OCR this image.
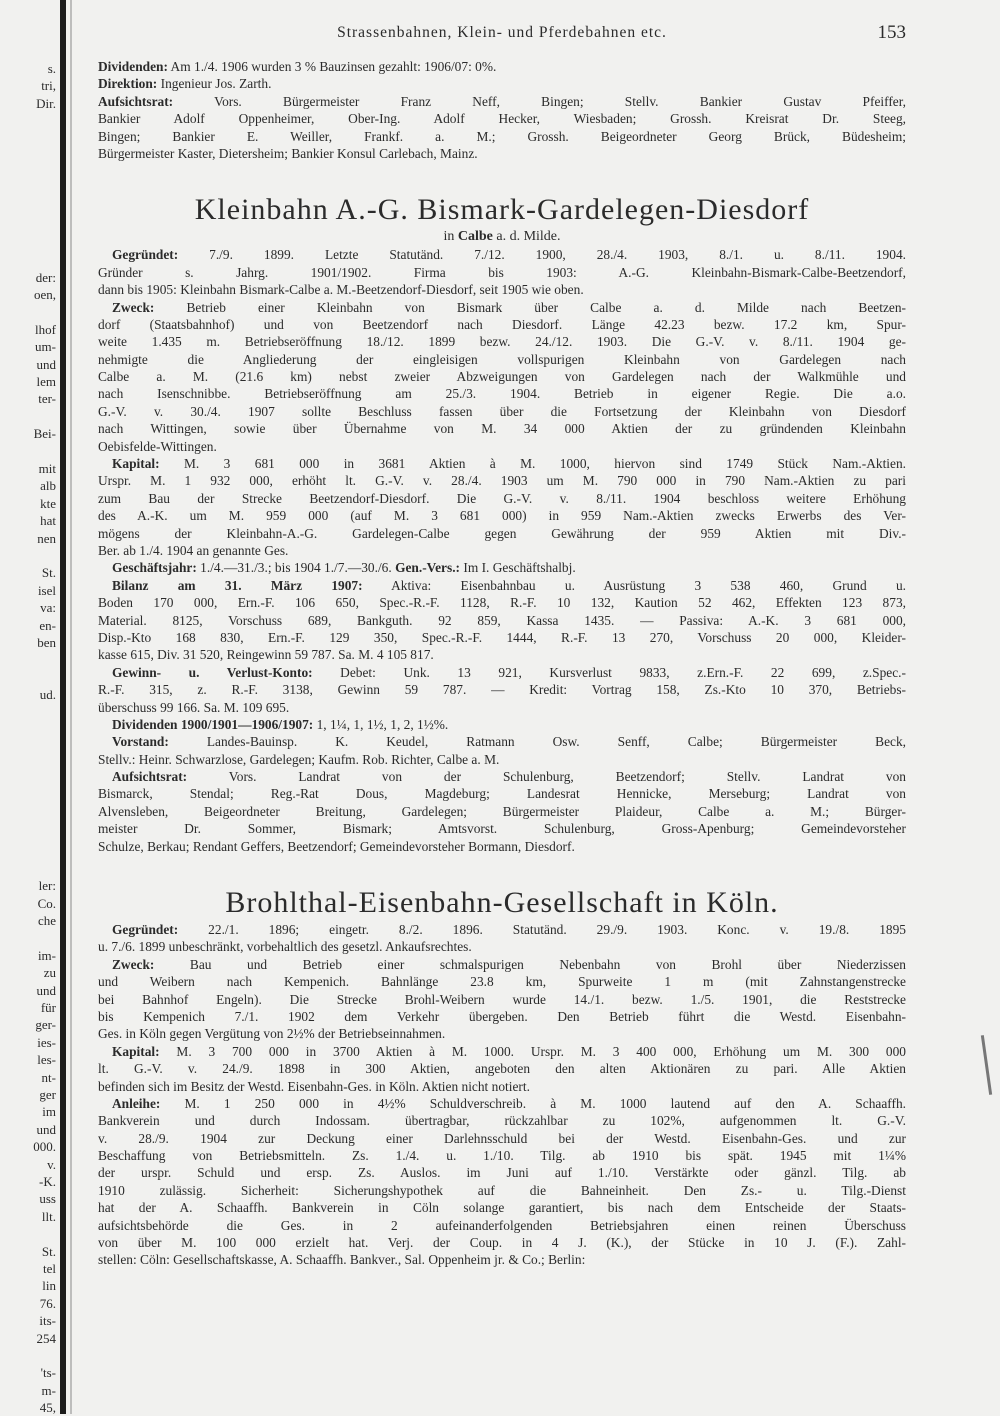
s.
tri,
Dir.
der:
oen,
lhof
um-
und
lem
ter-
Bei-
mit
alb
kte
hat
nen
St.
isel
va:
en-
ben
ud.
ler:
Co.
che
im-
zu
und
für
ger-
ies-
les-
nt-
ger
im
und
000.
v.
-K.
uss
llt.
St.
tel
lin
76.
its-
254
'ts-
m-
45,
Strassenbahnen, Klein- und Pferdebahnen etc.	153
Dividenden: Am 1./4. 1906 wurden 3 % Bauzinsen gezahlt: 1906/07: 0%.
Direktion: Ingenieur Jos. Zarth.
Aufsichtsrat: Vors. Bürgermeister Franz Neff, Bingen; Stellv. Bankier Gustav Pfeiffer,
Bankier Adolf Oppenheimer, Ober-Ing. Adolf Hecker, Wiesbaden; Grossh. Kreisrat Dr. Steeg,
Bingen; Bankier E. Weiller, Frankf. a. M.; Grossh. Beigeordneter Georg Brück, Büdesheim;
Bürgermeister Kaster, Dietersheim; Bankier Konsul Carlebach, Mainz.
Kleinbahn A.-G. Bismark-Gardelegen-Diesdorf
in Calbe a. d. Milde.
Gegründet: 7./9. 1899. Letzte Statutänd. 7./12. 1900, 28./4. 1903, 8./1. u. 8./11. 1904.
Gründer s. Jahrg. 1901/1902. Firma bis 1903: A.-G. Kleinbahn-Bismark-Calbe-Beetzendorf,
dann bis 1905: Kleinbahn Bismark-Calbe a. M.-Beetzendorf-Diesdorf, seit 1905 wie oben.
Zweck: Betrieb einer Kleinbahn von Bismark über Calbe a. d. Milde nach Beetzen-
dorf (Staatsbahnhof) und von Beetzendorf nach Diesdorf. Länge 42.23 bezw. 17.2 km, Spur-
weite 1.435 m. Betriebseröffnung 18./12. 1899 bezw. 24./12. 1903. Die G.-V. v. 8./11. 1904 ge-
nehmigte die Angliederung der eingleisigen vollspurigen Kleinbahn von Gardelegen nach
Calbe a. M. (21.6 km) nebst zweier Abzweigungen von Gardelegen nach der Walkmühle und
nach Isenschnibbe. Betriebseröffnung am 25./3. 1904. Betrieb in eigener Regie. Die a.o.
G.-V. v. 30./4. 1907 sollte Beschluss fassen über die Fortsetzung der Kleinbahn von Diesdorf
nach Wittingen, sowie über Übernahme von M. 34 000 Aktien der zu gründenden Kleinbahn
Oebisfelde-Wittingen.
Kapital: M. 3 681 000 in 3681 Aktien à M. 1000, hiervon sind 1749 Stück Nam.-Aktien.
Urspr. M. 1 932 000, erhöht lt. G.-V. v. 28./4. 1903 um M. 790 000 in 790 Nam.-Aktien zu pari
zum Bau der Strecke Beetzendorf-Diesdorf. Die G.-V. v. 8./11. 1904 beschloss weitere Erhöhung
des A.-K. um M. 959 000 (auf M. 3 681 000) in 959 Nam.-Aktien zwecks Erwerbs des Ver-
mögens der Kleinbahn-A.-G. Gardelegen-Calbe gegen Gewährung der 959 Aktien mit Div.-
Ber. ab 1./4. 1904 an genannte Ges.
Geschäftsjahr: 1./4.—31./3.; bis 1904 1./7.—30./6. Gen.-Vers.: Im I. Geschäftshalbj.
Bilanz am 31. März 1907: Aktiva: Eisenbahnbau u. Ausrüstung 3 538 460, Grund u.
Boden 170 000, Ern.-F. 106 650, Spec.-R.-F. 1128, R.-F. 10 132, Kaution 52 462, Effekten 123 873,
Material. 8125, Vorschuss 689, Bankguth. 92 859, Kassa 1435. — Passiva: A.-K. 3 681 000,
Disp.-Kto 168 830, Ern.-F. 129 350, Spec.-R.-F. 1444, R.-F. 13 270, Vorschuss 20 000, Kleider-
kasse 615, Div. 31 520, Reingewinn 59 787. Sa. M. 4 105 817.
Gewinn- u. Verlust-Konto: Debet: Unk. 13 921, Kursverlust 9833, z.Ern.-F. 22 699, z.Spec.-
R.-F. 315, z. R.-F. 3138, Gewinn 59 787. — Kredit: Vortrag 158, Zs.-Kto 10 370, Betriebs-
überschuss 99 166. Sa. M. 109 695.
Dividenden 1900/1901—1906/1907: 1, 1¼, 1, 1½, 1, 2, 1½%.
Vorstand: Landes-Bauinsp. K. Keudel, Ratmann Osw. Senff, Calbe; Bürgermeister Beck,
Stellv.: Heinr. Schwarzlose, Gardelegen; Kaufm. Rob. Richter, Calbe a. M.
Aufsichtsrat: Vors. Landrat von der Schulenburg, Beetzendorf; Stellv. Landrat von
Bismarck, Stendal; Reg.-Rat Dous, Magdeburg; Landesrat Hennicke, Merseburg; Landrat von
Alvensleben, Beigeordneter Breitung, Gardelegen; Bürgermeister Plaideur, Calbe a. M.; Bürger-
meister Dr. Sommer, Bismark; Amtsvorst. Schulenburg, Gross-Apenburg; Gemeindevorsteher
Schulze, Berkau; Rendant Geffers, Beetzendorf; Gemeindevorsteher Bormann, Diesdorf.
Brohlthal-Eisenbahn-Gesellschaft in Köln.
Gegründet: 22./1. 1896; eingetr. 8./2. 1896. Statutänd. 29./9. 1903. Konc. v. 19./8. 1895
u. 7./6. 1899 unbeschränkt, vorbehaltlich des gesetzl. Ankaufsrechtes.
Zweck: Bau und Betrieb einer schmalspurigen Nebenbahn von Brohl über Niederzissen
und Weibern nach Kempenich. Bahnlänge 23.8 km, Spurweite 1 m (mit Zahnstangenstrecke
bei Bahnhof Engeln). Die Strecke Brohl-Weibern wurde 14./1. bezw. 1./5. 1901, die Reststrecke
bis Kempenich 7./1. 1902 dem Verkehr übergeben. Den Betrieb führt die Westd. Eisenbahn-
Ges. in Köln gegen Vergütung von 2½% der Betriebseinnahmen.
Kapital: M. 3 700 000 in 3700 Aktien à M. 1000. Urspr. M. 3 400 000, Erhöhung um M. 300 000
lt. G.-V. v. 24./9. 1898 in 300 Aktien, angeboten den alten Aktionären zu pari. Alle Aktien
befinden sich im Besitz der Westd. Eisenbahn-Ges. in Köln. Aktien nicht notiert.
Anleihe: M. 1 250 000 in 4½% Schuldverschreib. à M. 1000 lautend auf den A. Schaaffh.
Bankverein und durch Indossam. übertragbar, rückzahlbar zu 102%, aufgenommen lt. G.-V.
v. 28./9. 1904 zur Deckung einer Darlehnsschuld bei der Westd. Eisenbahn-Ges. und zur
Beschaffung von Betriebsmitteln. Zs. 1./4. u. 1./10. Tilg. ab 1910 bis spät. 1945 mit 1¼%
der urspr. Schuld und ersp. Zs. Auslos. im Juni auf 1./10. Verstärkte oder gänzl. Tilg. ab
1910 zulässig. Sicherheit: Sicherungshypothek auf die Bahneinheit. Den Zs.- u. Tilg.-Dienst
hat der A. Schaaffh. Bankverein in Cöln solange garantiert, bis nach dem Entscheide der Staats-
aufsichtsbehörde die Ges. in 2 aufeinanderfolgenden Betriebsjahren einen reinen Überschuss
von über M. 100 000 erzielt hat. Verj. der Coup. in 4 J. (K.), der Stücke in 10 J. (F.). Zahl-
stellen: Cöln: Gesellschaftskasse, A. Schaaffh. Bankver., Sal. Oppenheim jr. & Co.; Berlin:
